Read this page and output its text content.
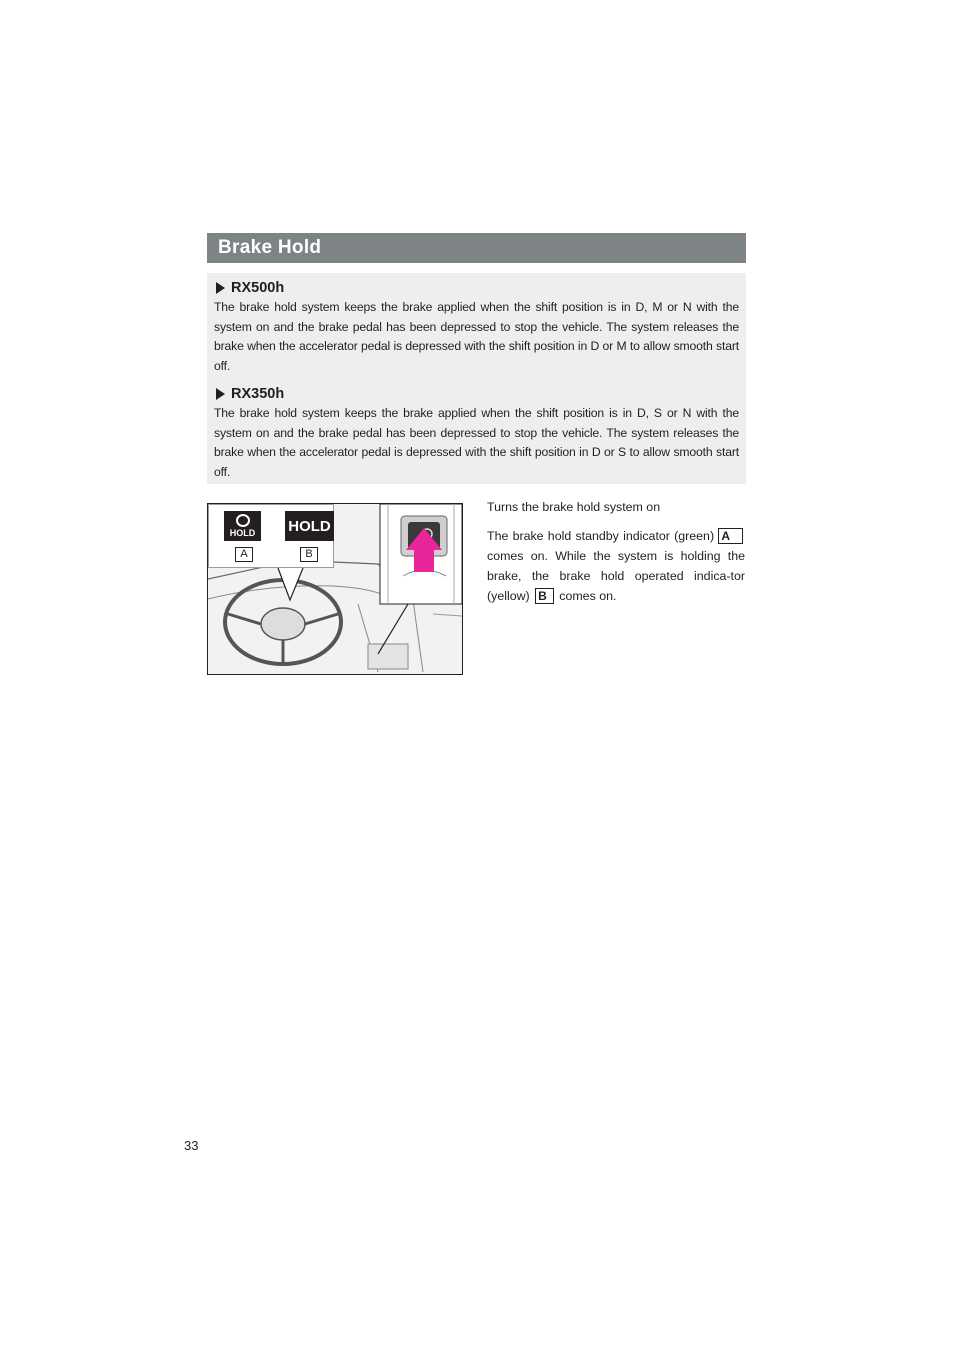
Brake Hold
RX500h

The brake hold system keeps the brake applied when the shift position is in D, M or N with the system on and the brake pedal has been depressed to stop the vehicle. The system releases the brake when the accelerator pedal is depressed with the shift position in D or M to allow smooth start off.

RX350h

The brake hold system keeps the brake applied when the shift position is in D, S or N with the system on and the brake pedal has been depressed to stop the vehicle. The system releases the brake when the accelerator pedal is depressed with the shift position in D or S to allow smooth start off.

HOLD HOLD
A	B

Turns the brake hold system on

The brake hold standby indicator (green) A comes on. While the system is holding the brake, the brake hold operated indica-tor (yellow) B comes on.

33
